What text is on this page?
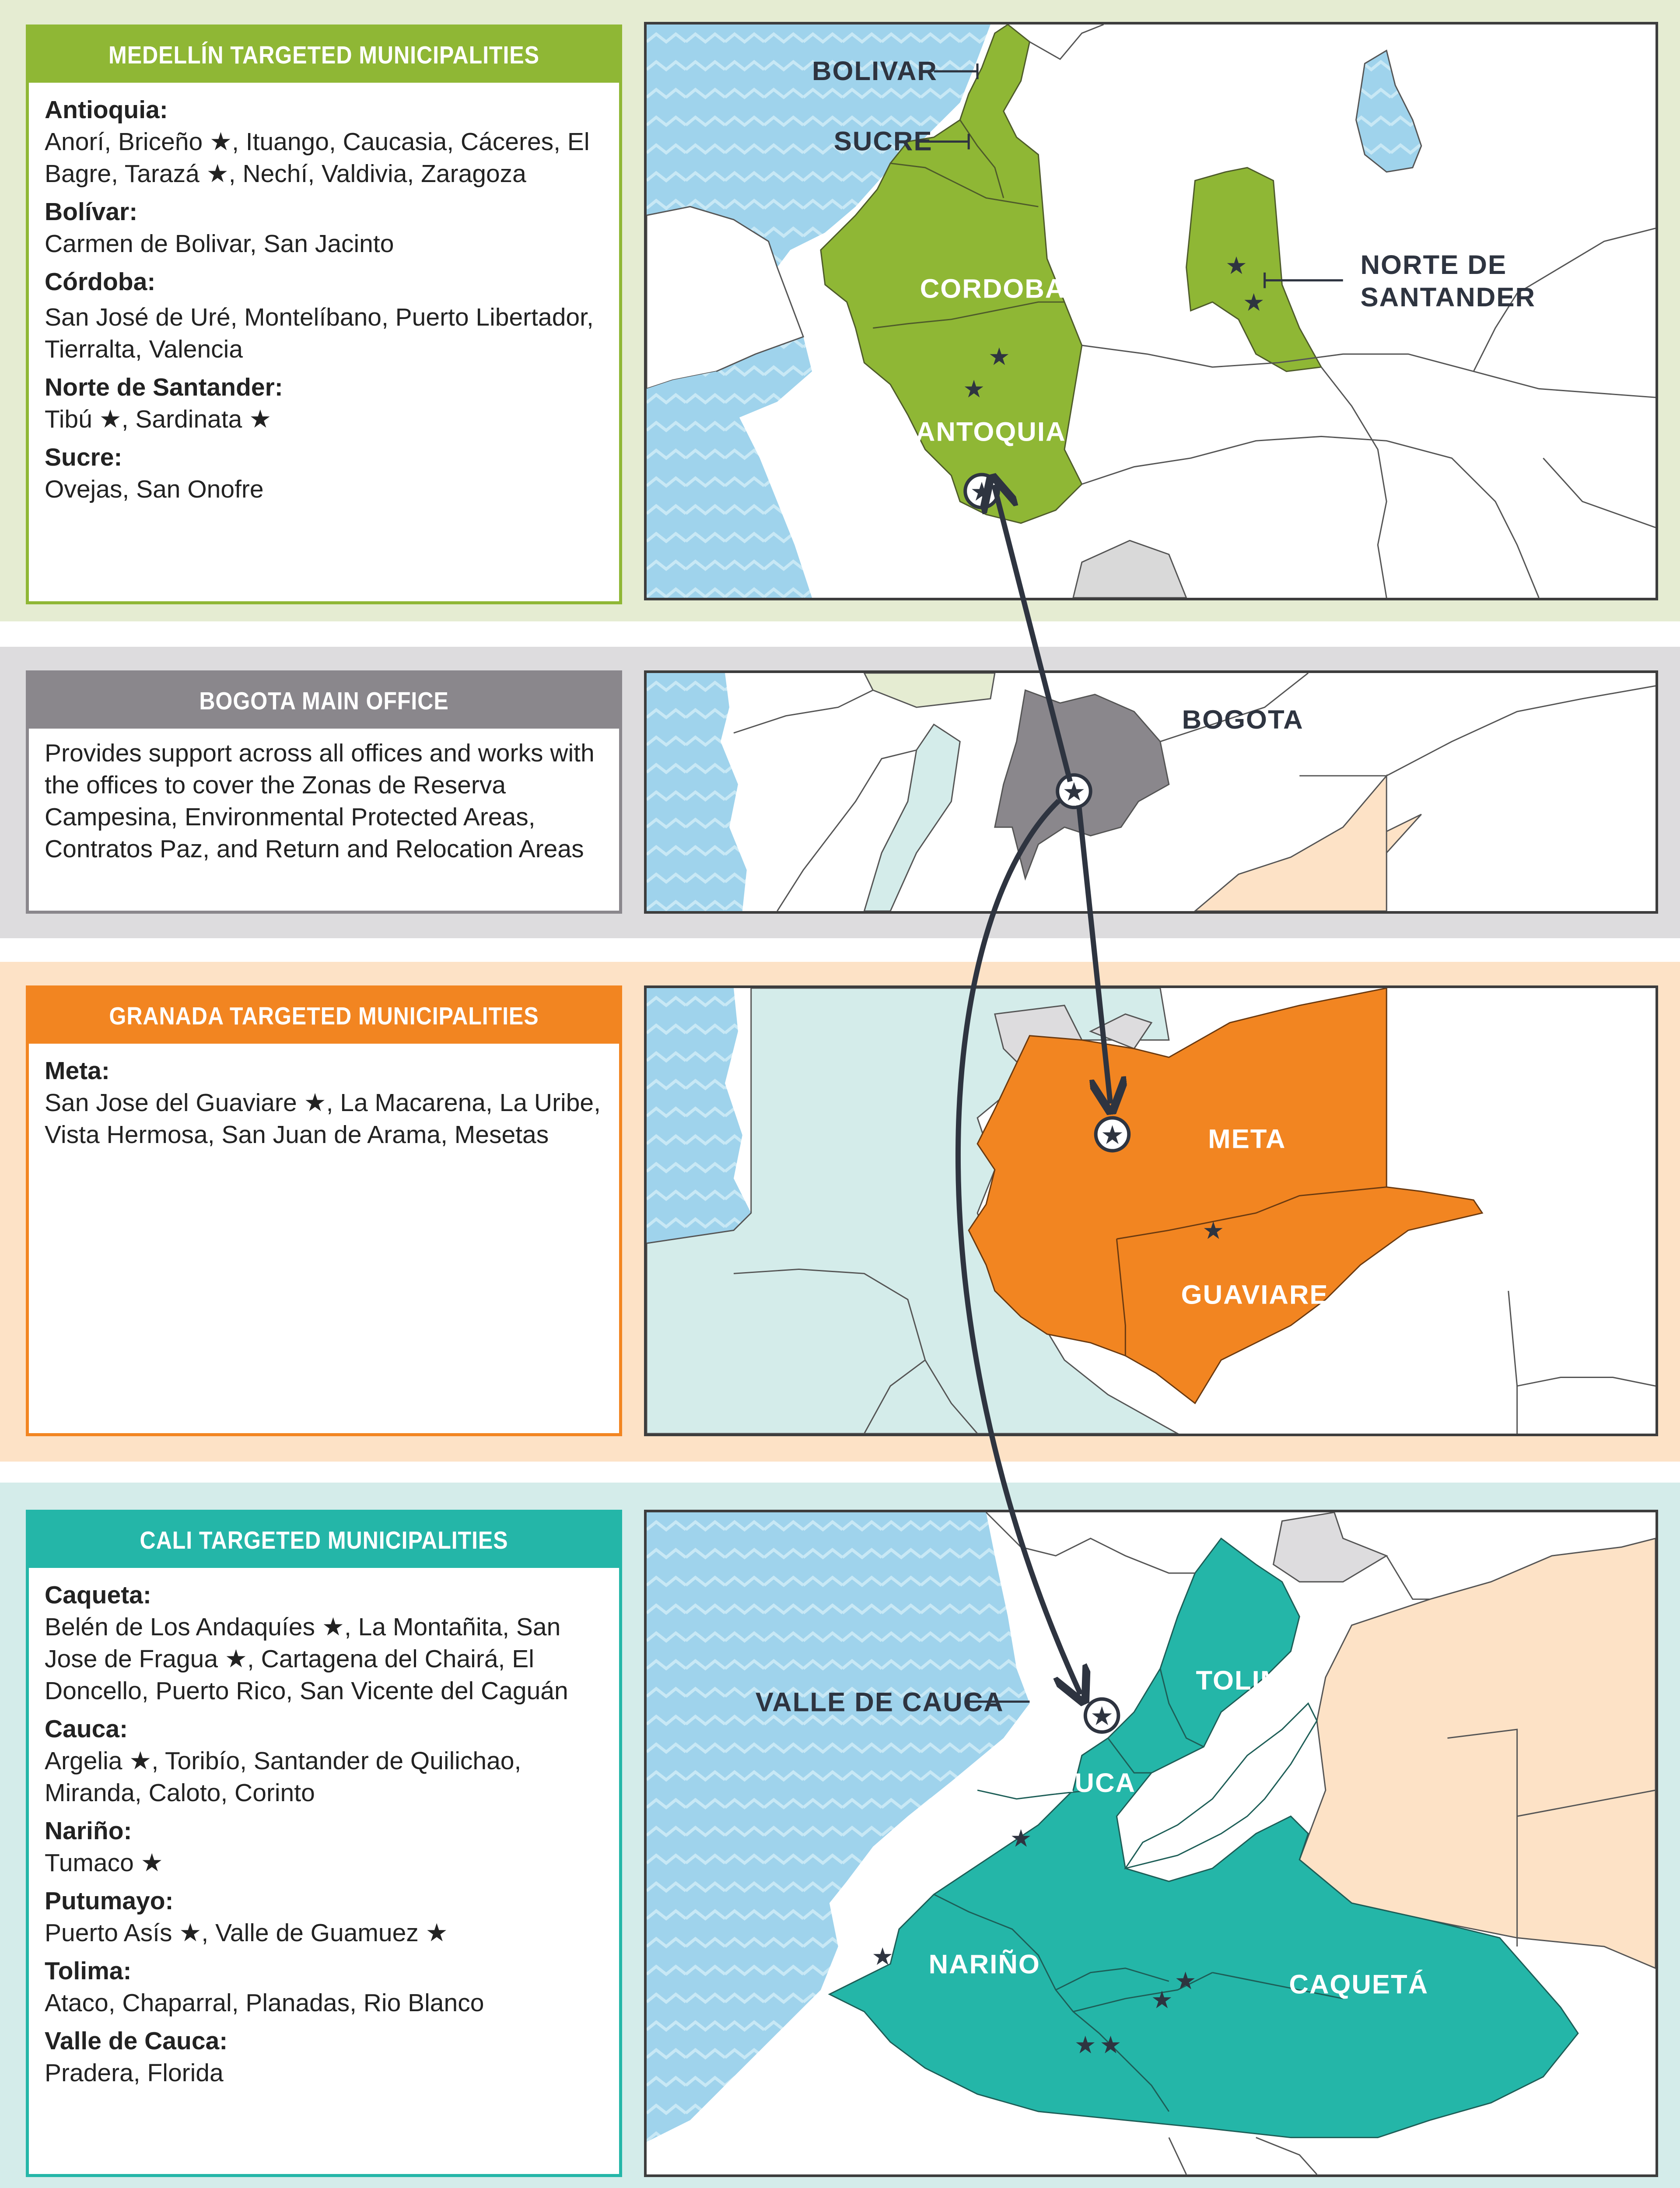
MEDELLÍN TARGETED MUNICIPALITIES
Antioquia:
Anorí, Briceño ★, Ituango, Caucasia, Cáceres, El Bagre, Tarazá ★, Nechí, Valdivia, Zaragoza
Bolívar:
Carmen de Bolivar, San Jacinto
Córdoba:
San José de Uré, Montelíbano, Puerto Libertador, Tierralta, Valencia
Norte de Santander:
Tibú ★, Sardinata ★
Sucre:
Ovejas, San Onofre
★
★
★
★
★
BOLIVAR
SUCRE
CORDOBA
ANTOQUIA
NORTE DE
SANTANDER
BOGOTA MAIN OFFICE
Provides support across all offices and works with the offices to cover the Zonas de Reserva Campesina, Environmental Protected Areas, Contratos Paz, and Return and Relocation Areas
★
BOGOTA
GRANADA TARGETED MUNICIPALITIES
Meta:
San Jose del Guaviare ★, La Macarena, La Uribe, Vista Hermosa, San Juan de Arama, Mesetas	★
★
META
GUAVIARE
CALI TARGETED MUNICIPALITIES
Caqueta:
Belén de Los Andaquíes ★, La Montañita, San Jose de Fragua ★, Cartagena del Chairá, El Doncello, Puerto Rico, San Vicente del Caguán
Cauca:
Argelia ★, Toribío, Santander de Quilichao, Miranda, Caloto, Corinto
Nariño:
Tumaco ★
Putumayo:
Puerto Asís ★, Valle de Guamuez ★
Tolima:
Ataco, Chaparral, Planadas, Rio Blanco
Valle de Cauca:
Pradera, Florida
★
★
★
★
★ ★
★
VALLE DE CAUCA
TOLIMA
CAUCA
NARIÑO
CAQUETÁ
